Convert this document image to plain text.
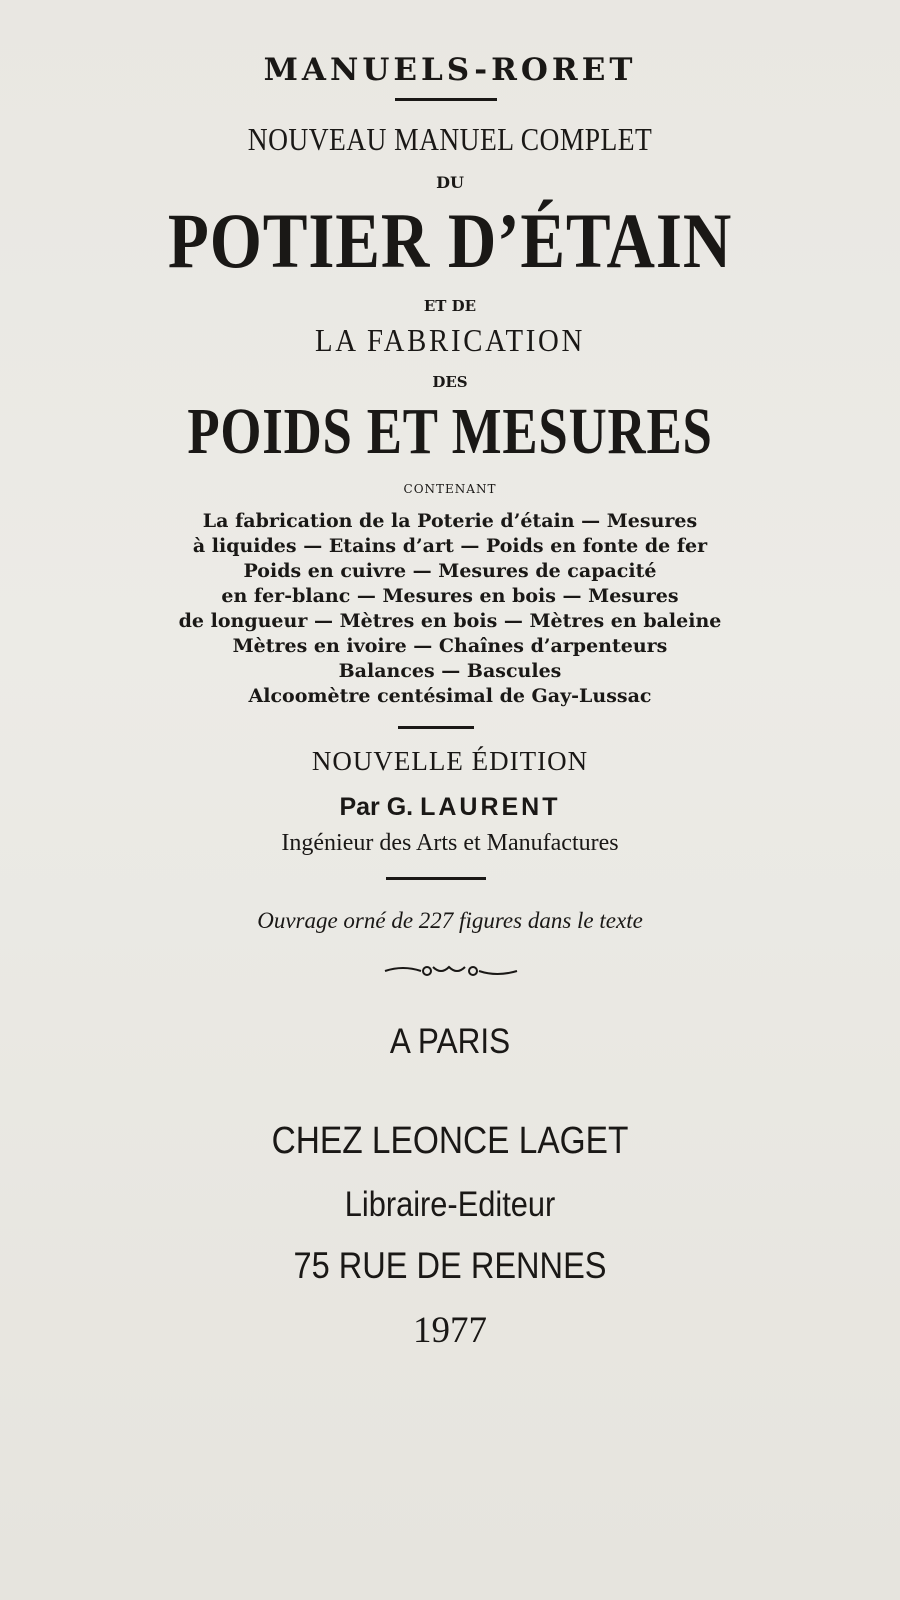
MANUELS-RORET
NOUVEAU MANUEL COMPLET
DU
POTIER D’ÉTAIN
ET DE
LA FABRICATION
DES
POIDS ET MESURES
CONTENANT
La fabrication de la Poterie d’étain — Mesures
à liquides — Etains d’art — Poids en fonte de fer
Poids en cuivre — Mesures de capacité
en fer-blanc — Mesures en bois — Mesures
de longueur — Mètres en bois — Mètres en baleine
Mètres en ivoire — Chaînes d’arpenteurs
Balances — Bascules
Alcoomètre centésimal de Gay-Lussac
NOUVELLE ÉDITION
Par G. LAURENT
Ingénieur des Arts et Manufactures
Ouvrage orné de 227 figures dans le texte
A PARIS
CHEZ LEONCE LAGET
Libraire-Editeur
75 RUE DE RENNES
1977
